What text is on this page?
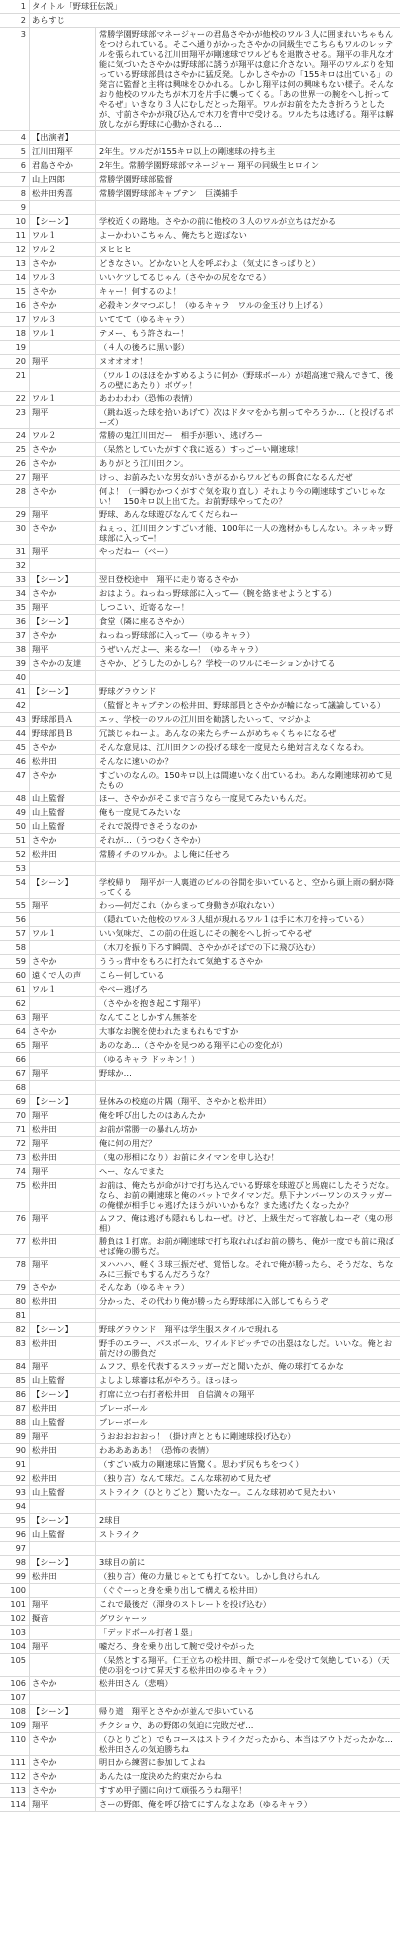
1 タイトル「野球狂伝説」
2 あらすじ
3	常勝学園野球部マネージャーの君島さやかが他校のワル３人に囲まれいちゃもんをつけられている。そこへ通りがかったさやかの同級生でこちらもワルのレッテルを張られている江川田翔平が剛速球でワルどもを退散させる。翔平の非凡な才能に気づいたさやかは野球部に誘うが翔平は意に介さない。翔平のワルぶりを知っている野球部員はさやかに猛反発。しかしさやかの「155キロは出ている」の発言に監督と主将は興味をひかれる。しかし翔平は何の興味もない様子。そんなおり他校のワルたちが木刀を片手に襲ってくる。「あの世界一の腕をへし折ってやるぜ」いきなり３人にむしだとった翔平。ワルがお前をたたき折ろうとしたが、寸前さやかが飛び込んで木刀を背中で受ける。ワルたちは逃げる。翔平は解放しながら野球に心動かされる…
4 【出演者】
5 江川田翔平	2年生。ワルだが155キロ以上の剛速球の持ち主
6 君島さやか	2年生。常勝学園野球部マネージャー 翔平の同級生ヒロイン
7 山上四郎	常勝学園野球部監督
8 松井田秀喜	常勝学園野球部キャプテン　巨漢捕手
9
10 【シーン】	学校近くの路地。さやかの前に他校の３人のワルが立ちはだかる
11 ワル１	よーかわいこちゃん、俺たちと遊ばない
12 ワル２	ヌヒヒヒ
13 さやか	どきなさい。どかないと人を呼ぶわよ（気丈にきっぱりと）
14 ワル３	いいケツしてるじゃん（さやかの尻をなでる）
15 さやか	キャー！何するのよ！
16 さやか	必殺キンタマつぶし！（ゆるキャラ　ワルの金玉けり上げる）
17 ワル３	いててて（ゆるキャラ）
18 ワル１	テメー、もう許さねー！
19	（４人の後ろに黒い影）
20 翔平	ヌオオオオ！
21	（ワル１のほほをかすめるように何か（野球ボール）が超高速で飛んできて、後ろの壁にあたり）ボヴッ！
22 ワル１	あわわわわ（恐怖の表情）
23 翔平	（跳ね返った球を拾いあげて）次はドタマをかち割ってやろうか…（と投げるポーズ）
24 ワル２	常勝の鬼江川田だー　相手が悪い、逃げろー
25 さやか	（呆然としていたがすぐ我に返る）すっごーい剛速球！
26 さやか	ありがとう江川田クン。
27 翔平	けっ、お前みたいな男女がいきがるからワルどもの餌食になるんだぜ
28 さやか	何よ！（一瞬むかつくがすぐ気を取り直し）それより今の剛速球すごいじゃない！　150キロ以上出てた。お前野球やってたの？
29 翔平	野球、あんな球遊びなんてくだらねー
30 さやか	ねぇっ、江川田クンすごい才能、100年に一人の逸材かもしんない。ネッキッ野球部に入って─！
31 翔平	やっだねー（ベー）
32
33 【シーン】	翌日登校途中　翔平に走り寄るさやか
34 さやか	おはよう。ねっねっ野球部に入って―（腕を絡ませようとする）
35 翔平	しつこい、近寄るなー！
36 【シーン】	食堂（隣に座るさやか）
37 さやか	ねっねっ野球部に入って―（ゆるキャラ）
38 翔平	うぜいんだよ―、来るな―！（ゆるキャラ）
39 さやかの友達	さやか、どうしたのかしら？学校一のワルにモーションかけてる
40
41 【シーン】	野球グラウンド
42	（監督とキャプテンの松井田、野球部員とさやかが輪になって議論している）
43 野球部員Ａ	エッ、学校一のワルの江川田を勧誘したいって、マジかよ
44 野球部員Ｂ	冗談じゃねーよ。あんなの来たらチームがめちゃくちゃになるぜ
45 さやか	そんな意見は、江川田クンの投げる球を一度見たら絶対言えなくなるわ。
46 松井田	そんなに速いのか？
47 さやか	すごいのなんの。150キロ以上は間違いなく出ているわ。あんな剛速球初めて見たもの
48 山上監督	ほー、さやかがそこまで言うなら一度見てみたいもんだ。
49 山上監督	俺も一度見てみたいな
50 山上監督	それで説得できそうなのか
51 さやか	それが…（うつむくさやか）
52 松井田	常勝イチのワルか。よし俺に任せろ
53
54 【シーン】	学校帰り　翔平が一人裏道のビルの谷間を歩いていると、空から頭上雨の網が降ってくる
55 翔平	わっ―何だこれ（からまって身動きが取れない）
56	（隠れていた他校のワル３人組が現れるワル１は手に木刀を持っている）
57 ワル１	いい気味だ、この前の仕返しにその腕をへし折ってやるぜ
58	（木刀を振り下ろす瞬間、さやかがそばでの下に飛び込む）
59 さやか	ううっ背中をもろに打たれて気絶するさやか
60 遠くで人の声	こらー何している
61 ワル１	やべー逃げろ
62	（さやかを抱き起こす翔平）
63 翔平	なんてことしかすん無茶を
64 さやか	大事なお腕を使われたまもれもですか
65 翔平	あのなあ…（さやかを見つめる翔平に心の変化が）
66	（ゆるキャラ ドッキン！）
67 翔平	野球か…
68
69 【シーン】	昼休みの校庭の片隅（翔平、さやかと松井田）
70 翔平	俺を呼び出したのはあんたか
71 松井田	お前が常勝一の暴れん坊か
72 翔平	俺に何の用だ？
73 松井田	（鬼の形相になり）お前にタイマンを申し込む！
74 翔平	へー、なんでまた
75 松井田	お前は、俺たちが命がけで打ち込んでいる野球を球遊びと馬鹿にしたそうだな。なら、お前の剛速球と俺のバットでタイマンだ。県下ナンバーワンのスラッガーの俺様が相手じゃ逃げたほうがいいかもな？また逃げたくなったか？
76 翔平	ムフフ、俺は逃げも隠れもしねーぜ。けど、上級生だって容赦しねーぞ（鬼の形相）
77 松井田	勝負は１打席。お前が剛速球で打ち取れればお前の勝ち、俺が一度でも前に飛ばせば俺の勝ちだ。
78 翔平	ヌハハハ、軽く３球三振だぜ、覚悟しな。それで俺が勝ったら、そうだな、ちなみに三振でもするんだろうな？
79 さやか	そんなあ（ゆるキャラ）
80 松井田	分かった、その代わり俺が勝ったら野球部に入部してもらうぞ
81
82 【シーン】	野球グラウンド　翔平は学生服スタイルで現れる
83 松井田	野手のエラー、パスボール、ワイルドピッチでの出塁はなしだ。いいな。俺とお前だけの勝負だ
84 翔平	ムフフ、県を代表するスラッガーだと聞いたが、俺の球打てるかな
85 山上監督	よしよし球審は私がやろう。ほっほっ
86 【シーン】	打席に立つ右打者松井田　自信満々の翔平
87 松井田	プレーボール
88 山上監督	プレーボール
89 翔平	うおおおおおっ！（掛け声とともに剛速球投げ込む）
90 松井田	わあああああ！（恐怖の表情）
91	（すごい威力の剛速球に皆驚く。思わず尻もちをつく）
92 松井田	（独り言）なんて球だ。こんな球初めて見たぜ
93 山上監督	ストライク（ひとりごと）驚いたなー。こんな球初めて見たわい
94
95 【シーン】	2球目
96 山上監督	ストライク
97
98 【シーン】	3球目の前に
99 松井田	（独り言）俺の力量じゃとても打てない。しかし負けられん
100	（ぐぐーっと身を乗り出して構える松井田）
101 翔平	これで最後だ（渾身のストレートを投げ込む）
102 擬音	グワシャーッ
103	「デッドボール打者１塁」
104 翔平	嘘だろ、身を乗り出して腕で受けやがった
105	（呆然とする翔平。仁王立ちの松井田、顔でボールを受けて気絶している）（天使の羽をつけて昇天する松井田のゆるキャラ）
106 さやか	松井田さん（悲鳴）
107
108 【シーン】	帰り道　翔平とさやかが並んで歩いている
109 翔平	チクショウ、あの野郎の気迫に完敗だぜ…
110 さやか	（ひとりごと）でもコースはストライクだったから、本当はアウトだったかな…松井田さんの気迫勝ちね
111 さやか	明日から練習に参加してよね
112 さやか	あんたは一度決めた約束だからね
113 さやか	すすめ甲子園に向けて頑張ろうね翔平！
114 翔平	さーの野郎、俺を呼び捨てにすんなよなあ（ゆるキャラ）
